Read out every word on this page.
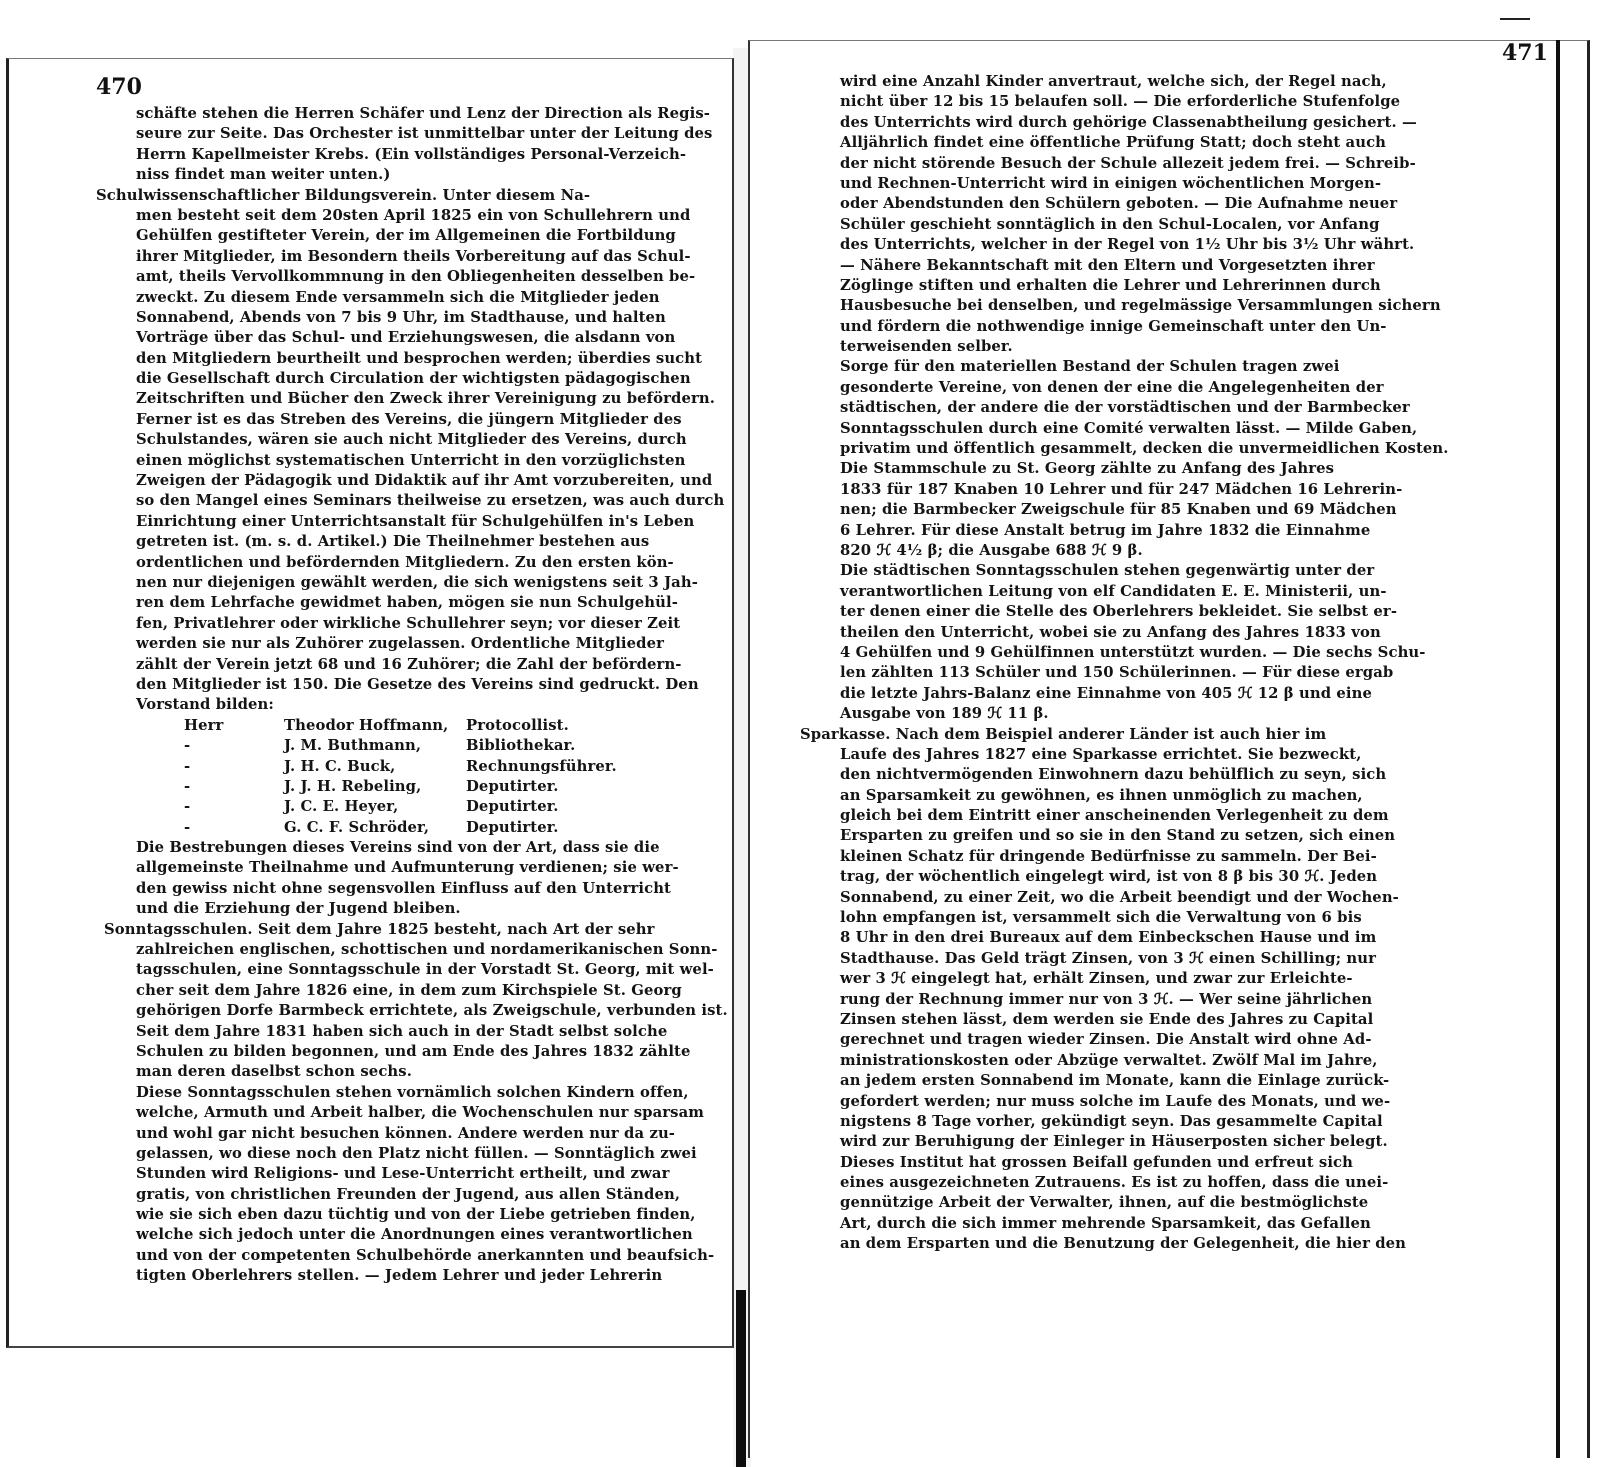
470
471
schäfte stehen die Herren Schäfer und Lenz der Direction als Regis-
seure zur Seite. Das Orchester ist unmittelbar unter der Leitung des
Herrn Kapellmeister Krebs. (Ein vollständiges Personal-Verzeich-
niss findet man weiter unten.)
Schulwissenschaftlicher Bildungsverein. Unter diesem Na-
men besteht seit dem 20sten April 1825 ein von Schullehrern und
Gehülfen gestifteter Verein, der im Allgemeinen die Fortbildung
ihrer Mitglieder, im Besondern theils Vorbereitung auf das Schul-
amt, theils Vervollkommnung in den Obliegenheiten desselben be-
zweckt. Zu diesem Ende versammeln sich die Mitglieder jeden
Sonnabend, Abends von 7 bis 9 Uhr, im Stadthause, und halten
Vorträge über das Schul- und Erziehungswesen, die alsdann von
den Mitgliedern beurtheilt und besprochen werden; überdies sucht
die Gesellschaft durch Circulation der wichtigsten pädagogischen
Zeitschriften und Bücher den Zweck ihrer Vereinigung zu befördern.
Ferner ist es das Streben des Vereins, die jüngern Mitglieder des
Schulstandes, wären sie auch nicht Mitglieder des Vereins, durch
einen möglichst systematischen Unterricht in den vorzüglichsten
Zweigen der Pädagogik und Didaktik auf ihr Amt vorzubereiten, und
so den Mangel eines Seminars theilweise zu ersetzen, was auch durch
Einrichtung einer Unterrichtsanstalt für Schulgehülfen in's Leben
getreten ist. (m. s. d. Artikel.) Die Theilnehmer bestehen aus
ordentlichen und befördernden Mitgliedern. Zu den ersten kön-
nen nur diejenigen gewählt werden, die sich wenigstens seit 3 Jah-
ren dem Lehrfache gewidmet haben, mögen sie nun Schulgehül-
fen, Privatlehrer oder wirkliche Schullehrer seyn; vor dieser Zeit
werden sie nur als Zuhörer zugelassen. Ordentliche Mitglieder
zählt der Verein jetzt 68 und 16 Zuhörer; die Zahl der befördern-
den Mitglieder ist 150. Die Gesetze des Vereins sind gedruckt. Den
Vorstand bilden:
Herr	Theodor Hoffmann,	Protocollist.
-	J. M. Buthmann,	Bibliothekar.
-	J. H. C. Buck,	Rechnungsführer.
-	J. J. H. Rebeling,	Deputirter.
-	J. C. E. Heyer,	Deputirter.
-	G. C. F. Schröder,	Deputirter.
Die Bestrebungen dieses Vereins sind von der Art, dass sie die
allgemeinste Theilnahme und Aufmunterung verdienen; sie wer-
den gewiss nicht ohne segensvollen Einfluss auf den Unterricht
und die Erziehung der Jugend bleiben.
Sonntagsschulen. Seit dem Jahre 1825 besteht, nach Art der sehr
zahlreichen englischen, schottischen und nordamerikanischen Sonn-
tagsschulen, eine Sonntagsschule in der Vorstadt St. Georg, mit wel-
cher seit dem Jahre 1826 eine, in dem zum Kirchspiele St. Georg
gehörigen Dorfe Barmbeck errichtete, als Zweigschule, verbunden ist.
Seit dem Jahre 1831 haben sich auch in der Stadt selbst solche
Schulen zu bilden begonnen, und am Ende des Jahres 1832 zählte
man deren daselbst schon sechs.
Diese Sonntagsschulen stehen vornämlich solchen Kindern offen,
welche, Armuth und Arbeit halber, die Wochenschulen nur sparsam
und wohl gar nicht besuchen können. Andere werden nur da zu-
gelassen, wo diese noch den Platz nicht füllen. — Sonntäglich zwei
Stunden wird Religions- und Lese-Unterricht ertheilt, und zwar
gratis, von christlichen Freunden der Jugend, aus allen Ständen,
wie sie sich eben dazu tüchtig und von der Liebe getrieben finden,
welche sich jedoch unter die Anordnungen eines verantwortlichen
und von der competenten Schulbehörde anerkannten und beaufsich-
tigten Oberlehrers stellen. — Jedem Lehrer und jeder Lehrerin
wird eine Anzahl Kinder anvertraut, welche sich, der Regel nach,
nicht über 12 bis 15 belaufen soll. — Die erforderliche Stufenfolge
des Unterrichts wird durch gehörige Classenabtheilung gesichert. —
Alljährlich findet eine öffentliche Prüfung Statt; doch steht auch
der nicht störende Besuch der Schule allezeit jedem frei. — Schreib-
und Rechnen-Unterricht wird in einigen wöchentlichen Morgen-
oder Abendstunden den Schülern geboten. — Die Aufnahme neuer
Schüler geschieht sonntäglich in den Schul-Localen, vor Anfang
des Unterrichts, welcher in der Regel von 1½ Uhr bis 3½ Uhr währt.
— Nähere Bekanntschaft mit den Eltern und Vorgesetzten ihrer
Zöglinge stiften und erhalten die Lehrer und Lehrerinnen durch
Hausbesuche bei denselben, und regelmässige Versammlungen sichern
und fördern die nothwendige innige Gemeinschaft unter den Un-
terweisenden selber.
Sorge für den materiellen Bestand der Schulen tragen zwei
gesonderte Vereine, von denen der eine die Angelegenheiten der
städtischen, der andere die der vorstädtischen und der Barmbecker
Sonntagsschulen durch eine Comité verwalten lässt. — Milde Gaben,
privatim und öffentlich gesammelt, decken die unvermeidlichen Kosten.
Die Stammschule zu St. Georg zählte zu Anfang des Jahres
1833 für 187 Knaben 10 Lehrer und für 247 Mädchen 16 Lehrerin-
nen; die Barmbecker Zweigschule für 85 Knaben und 69 Mädchen
6 Lehrer. Für diese Anstalt betrug im Jahre 1832 die Einnahme
820 ℋ 4½ β; die Ausgabe 688 ℋ 9 β.
Die städtischen Sonntagsschulen stehen gegenwärtig unter der
verantwortlichen Leitung von elf Candidaten E. E. Ministerii, un-
ter denen einer die Stelle des Oberlehrers bekleidet. Sie selbst er-
theilen den Unterricht, wobei sie zu Anfang des Jahres 1833 von
4 Gehülfen und 9 Gehülfinnen unterstützt wurden. — Die sechs Schu-
len zählten 113 Schüler und 150 Schülerinnen. — Für diese ergab
die letzte Jahrs-Balanz eine Einnahme von 405 ℋ 12 β und eine
Ausgabe von 189 ℋ 11 β.
Sparkasse. Nach dem Beispiel anderer Länder ist auch hier im
Laufe des Jahres 1827 eine Sparkasse errichtet. Sie bezweckt,
den nichtvermögenden Einwohnern dazu behülflich zu seyn, sich
an Sparsamkeit zu gewöhnen, es ihnen unmöglich zu machen,
gleich bei dem Eintritt einer anscheinenden Verlegenheit zu dem
Ersparten zu greifen und so sie in den Stand zu setzen, sich einen
kleinen Schatz für dringende Bedürfnisse zu sammeln. Der Bei-
trag, der wöchentlich eingelegt wird, ist von 8 β bis 30 ℋ. Jeden
Sonnabend, zu einer Zeit, wo die Arbeit beendigt und der Wochen-
lohn empfangen ist, versammelt sich die Verwaltung von 6 bis
8 Uhr in den drei Bureaux auf dem Einbeckschen Hause und im
Stadthause. Das Geld trägt Zinsen, von 3 ℋ einen Schilling; nur
wer 3 ℋ eingelegt hat, erhält Zinsen, und zwar zur Erleichte-
rung der Rechnung immer nur von 3 ℋ. — Wer seine jährlichen
Zinsen stehen lässt, dem werden sie Ende des Jahres zu Capital
gerechnet und tragen wieder Zinsen. Die Anstalt wird ohne Ad-
ministrationskosten oder Abzüge verwaltet. Zwölf Mal im Jahre,
an jedem ersten Sonnabend im Monate, kann die Einlage zurück-
gefordert werden; nur muss solche im Laufe des Monats, und we-
nigstens 8 Tage vorher, gekündigt seyn. Das gesammelte Capital
wird zur Beruhigung der Einleger in Häuserposten sicher belegt.
Dieses Institut hat grossen Beifall gefunden und erfreut sich
eines ausgezeichneten Zutrauens. Es ist zu hoffen, dass die unei-
gennützige Arbeit der Verwalter, ihnen, auf die bestmöglichste
Art, durch die sich immer mehrende Sparsamkeit, das Gefallen
an dem Ersparten und die Benutzung der Gelegenheit, die hier den
